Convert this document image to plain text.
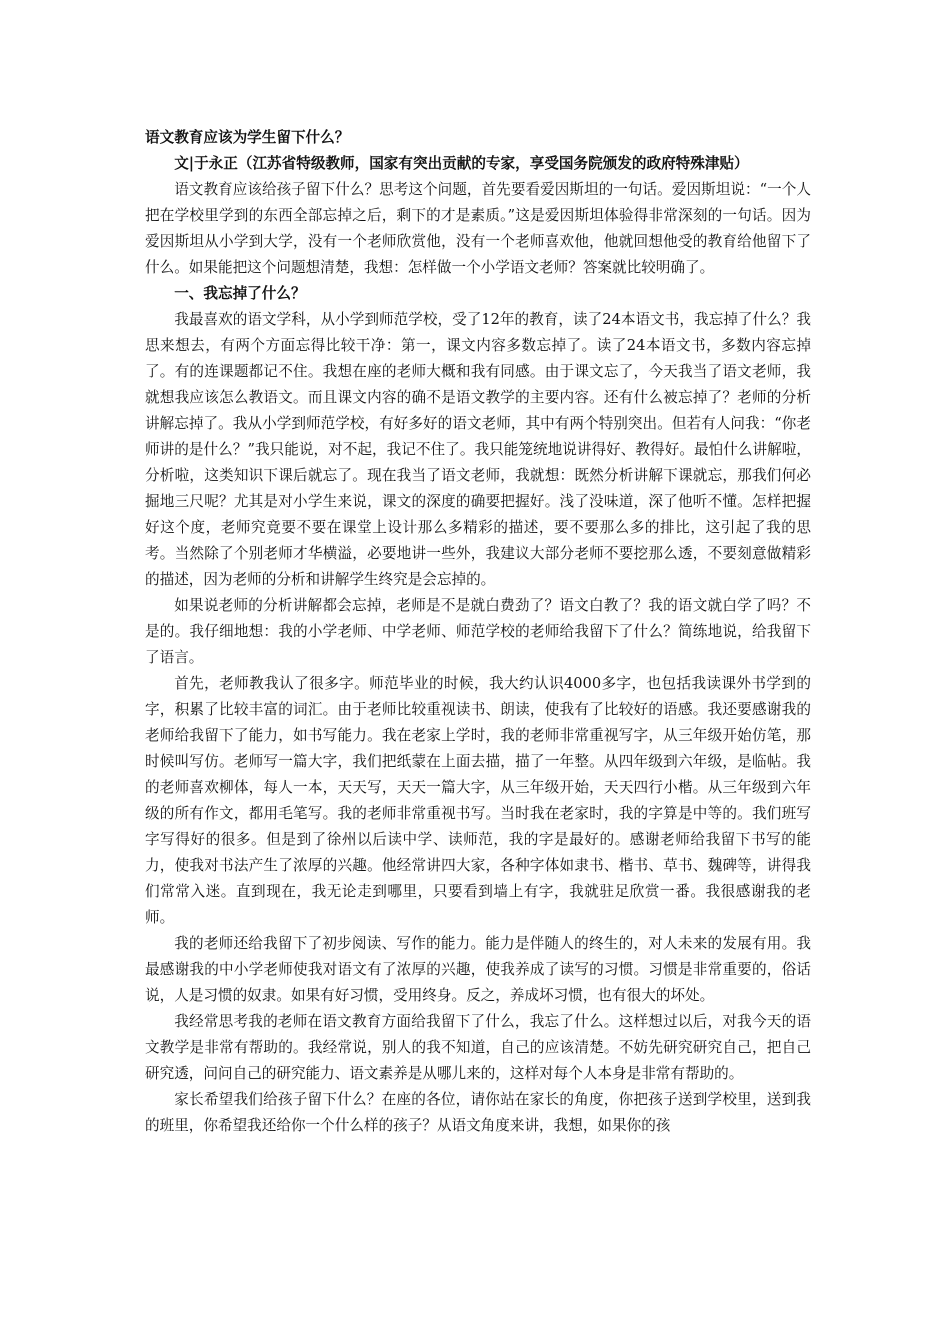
语文教育应该为学生留下什么？

文|于永正（江苏省特级教师，国家有突出贡献的专家，享受国务院颁发的政府特殊津贴）

语文教育应该给孩子留下什么？思考这个问题，首先要看爱因斯坦的一句话。爱因斯坦说：“一个人把在学校里学到的东西全部忘掉之后，剩下的才是素质。”这是爱因斯坦体验得非常深刻的一句话。因为爱因斯坦从小学到大学，没有一个老师欣赏他，没有一个老师喜欢他，他就回想他受的教育给他留下了什么。如果能把这个问题想清楚，我想：怎样做一个小学语文老师？答案就比较明确了。

一、我忘掉了什么？

我最喜欢的语文学科，从小学到师范学校，受了12年的教育，读了24本语文书，我忘掉了什么？我思来想去，有两个方面忘得比较干净：第一，课文内容多数忘掉了。读了24本语文书，多数内容忘掉了。有的连课题都记不住。我想在座的老师大概和我有同感。由于课文忘了，今天我当了语文老师，我就想我应该怎么教语文。而且课文内容的确不是语文教学的主要内容。还有什么被忘掉了？老师的分析讲解忘掉了。我从小学到师范学校，有好多好的语文老师，其中有两个特别突出。但若有人问我：“你老师讲的是什么？”我只能说，对不起，我记不住了。我只能笼统地说讲得好、教得好。最怕什么讲解啦，分析啦，这类知识下课后就忘了。现在我当了语文老师，我就想：既然分析讲解下课就忘，那我们何必掘地三尺呢？尤其是对小学生来说，课文的深度的确要把握好。浅了没味道，深了他听不懂。怎样把握好这个度，老师究竟要不要在课堂上设计那么多精彩的描述，要不要那么多的排比，这引起了我的思考。当然除了个别老师才华横溢，必要地讲一些外，我建议大部分老师不要挖那么透，不要刻意做精彩的描述，因为老师的分析和讲解学生终究是会忘掉的。

如果说老师的分析讲解都会忘掉，老师是不是就白费劲了？语文白教了？我的语文就白学了吗？不是的。我仔细地想：我的小学老师、中学老师、师范学校的老师给我留下了什么？简练地说，给我留下了语言。

首先，老师教我认了很多字。师范毕业的时候，我大约认识4000多字，也包括我读课外书学到的字，积累了比较丰富的词汇。由于老师比较重视读书、朗读，使我有了比较好的语感。我还要感谢我的老师给我留下了能力，如书写能力。我在老家上学时，我的老师非常重视写字，从三年级开始仿笔，那时候叫写仿。老师写一篇大字，我们把纸蒙在上面去描，描了一年整。从四年级到六年级，是临帖。我的老师喜欢柳体，每人一本，天天写，天天一篇大字，从三年级开始，天天四行小楷。从三年级到六年级的所有作文，都用毛笔写。我的老师非常重视书写。当时我在老家时，我的字算是中等的。我们班写字写得好的很多。但是到了徐州以后读中学、读师范，我的字是最好的。感谢老师给我留下书写的能力，使我对书法产生了浓厚的兴趣。他经常讲四大家，各种字体如隶书、楷书、草书、魏碑等，讲得我们常常入迷。直到现在，我无论走到哪里，只要看到墙上有字，我就驻足欣赏一番。我很感谢我的老师。

我的老师还给我留下了初步阅读、写作的能力。能力是伴随人的终生的，对人未来的发展有用。我最感谢我的中小学老师使我对语文有了浓厚的兴趣，使我养成了读写的习惯。习惯是非常重要的，俗话说，人是习惯的奴隶。如果有好习惯，受用终身。反之，养成坏习惯，也有很大的坏处。

我经常思考我的老师在语文教育方面给我留下了什么，我忘了什么。这样想过以后，对我今天的语文教学是非常有帮助的。我经常说，别人的我不知道，自己的应该清楚。不妨先研究研究自己，把自己研究透，问问自己的研究能力、语文素养是从哪儿来的，这样对每个人本身是非常有帮助的。

家长希望我们给孩子留下什么？在座的各位，请你站在家长的角度，你把孩子送到学校里，送到我的班里，你希望我还给你一个什么样的孩子？从语文角度来讲，我想，如果你的孩
